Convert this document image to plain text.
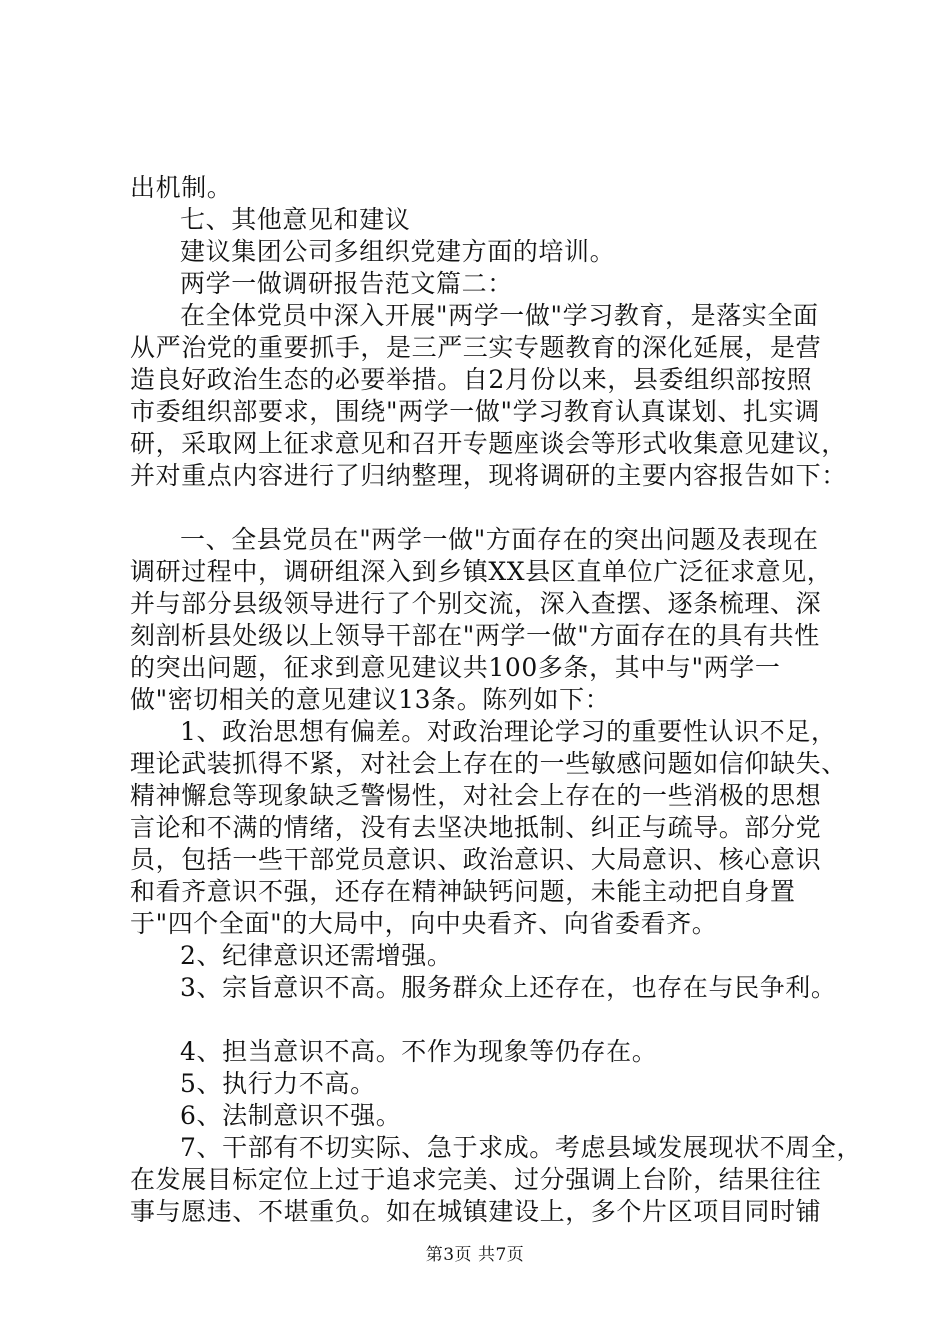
出机制。
七、其他意见和建议
建议集团公司多组织党建方面的培训。
两学一做调研报告范文篇二：
在全体党员中深入开展"两学一做"学习教育，是落实全面
从严治党的重要抓手，是三严三实专题教育的深化延展，是营
造良好政治生态的必要举措。自2月份以来，县委组织部按照
市委组织部要求，围绕"两学一做"学习教育认真谋划、扎实调
研，采取网上征求意见和召开专题座谈会等形式收集意见建议，
并对重点内容进行了归纳整理，现将调研的主要内容报告如下：
一、全县党员在"两学一做"方面存在的突出问题及表现在
调研过程中，调研组深入到乡镇XX县区直单位广泛征求意见，
并与部分县级领导进行了个别交流，深入查摆、逐条梳理、深
刻剖析县处级以上领导干部在"两学一做"方面存在的具有共性
的突出问题，征求到意见建议共100多条，其中与"两学一
做"密切相关的意见建议13条。陈列如下：
1、政治思想有偏差。对政治理论学习的重要性认识不足，
理论武装抓得不紧，对社会上存在的一些敏感问题如信仰缺失、
精神懈怠等现象缺乏警惕性，对社会上存在的一些消极的思想
言论和不满的情绪，没有去坚决地抵制、纠正与疏导。部分党
员，包括一些干部党员意识、政治意识、大局意识、核心意识
和看齐意识不强，还存在精神缺钙问题，未能主动把自身置
于"四个全面"的大局中，向中央看齐、向省委看齐。
2、纪律意识还需增强。
3、宗旨意识不高。服务群众上还存在，也存在与民争利。
4、担当意识不高。不作为现象等仍存在。
5、执行力不高。
6、法制意识不强。
7、干部有不切实际、急于求成。考虑县域发展现状不周全，
在发展目标定位上过于追求完美、过分强调上台阶，结果往往
事与愿违、不堪重负。如在城镇建设上，多个片区项目同时铺
第3页 共7页
